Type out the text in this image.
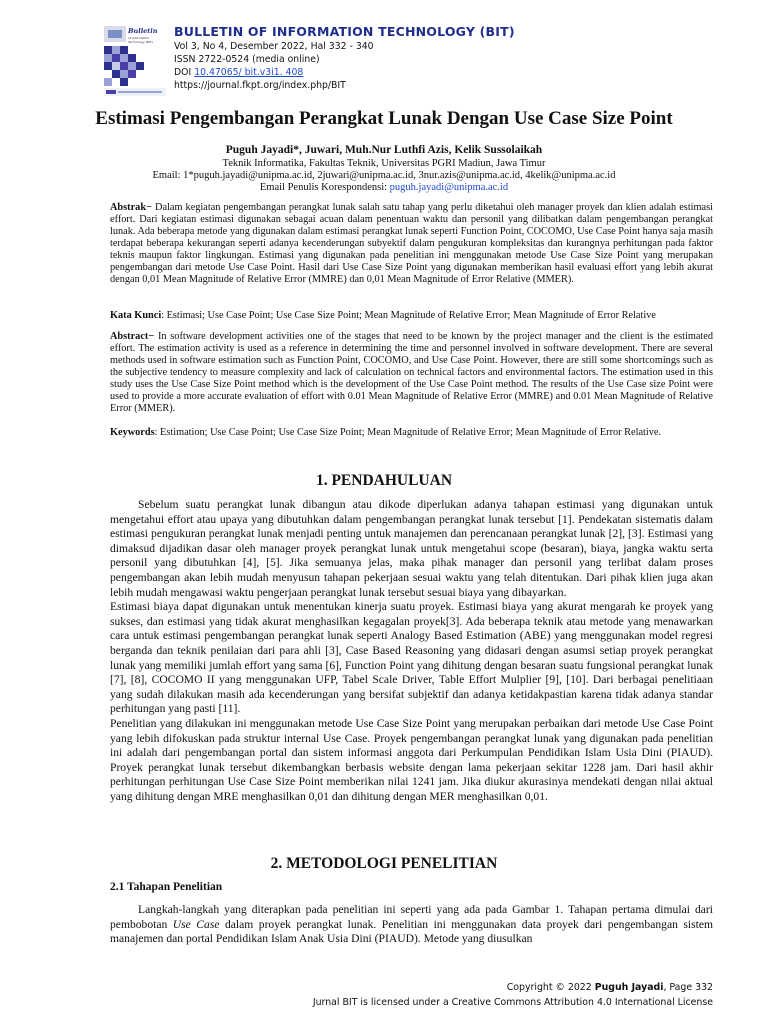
Bulletin
of Information
Technology (BIT)
BULLETIN OF INFORMATION TECHNOLOGY (BIT)
Vol 3, No 4, Desember 2022, Hal 332 - 340
ISSN 2722-0524 (media online)
DOI 10.47065/ bit.v3i1. 408
https://journal.fkpt.org/index.php/BIT
Estimasi Pengembangan Perangkat Lunak Dengan Use Case Size Point
Puguh Jayadi*, Juwari, Muh.Nur Luthfi Azis, Kelik Sussolaikah
Teknik Informatika, Fakultas Teknik, Universitas PGRI Madiun, Jawa Timur
Email: 1*puguh.jayadi@unipma.ac.id, 2juwari@unipma.ac.id, 3nur.azis@unipma.ac.id, 4kelik@unipma.ac.id
Email Penulis Korespondensi: puguh.jayadi@unipma.ac.id
Abstrak− Dalam kegiatan pengembangan perangkat lunak salah satu tahap yang perlu diketahui oleh manager proyek dan klien adalah estimasi effort. Dari kegiatan estimasi digunakan sebagai acuan dalam penentuan waktu dan personil yang dilibatkan dalam pengembangan perangkat lunak. Ada beberapa metode yang digunakan dalam estimasi perangkat lunak seperti Function Point, COCOMO, Use Case Point hanya saja masih terdapat beberapa kekurangan seperti adanya kecenderungan subyektif dalam pengukuran kompleksitas dan kurangnya perhitungan pada faktor teknis maupun faktor lingkungan. Estimasi yang digunakan pada penelitian ini menggunakan metode Use Case Size Point yang merupakan pengembangan dari metode Use Case Point. Hasil dari Use Case Size Point yang digunakan memberikan hasil evaluasi effort yang lebih akurat dengan 0,01 Mean Magnitude of Relative Error (MMRE) dan 0,01 Mean Magnitude of Error Relative (MMER).
Kata Kunci: Estimasi; Use Case Point; Use Case Size Point; Mean Magnitude of Relative Error; Mean Magnitude of Error Relative
Abstract− In software development activities one of the stages that need to be known by the project manager and the client is the estimated effort. The estimation activity is used as a reference in determining the time and personnel involved in software development. There are several methods used in software estimation such as Function Point, COCOMO, and Use Case Point. However, there are still some shortcomings such as the subjective tendency to measure complexity and lack of calculation on technical factors and environmental factors. The estimation used in this study uses the Use Case Size Point method which is the development of the Use Case Point method. The results of the Use Case size Point were used to provide a more accurate evaluation of effort with 0.01 Mean Magnitude of Relative Error (MMRE) and 0.01 Mean Magnitude of Relative Error (MMER).
Keywords: Estimation; Use Case Point; Use Case Size Point; Mean Magnitude of Relative Error; Mean Magnitude of Error Relative.
1. PENDAHULUAN

Sebelum suatu perangkat lunak dibangun atau dikode diperlukan adanya tahapan estimasi yang digunakan untuk mengetahui effort atau upaya yang dibutuhkan dalam pengembangan perangkat lunak tersebut [1]. Pendekatan sistematis dalam estimasi pengukuran perangkat lunak menjadi penting untuk manajemen dan perencanaan perangkat lunak [2], [3]. Estimasi yang dimaksud dijadikan dasar oleh manager proyek perangkat lunak untuk mengetahui scope (besaran), biaya, jangka waktu serta personil yang dibutuhkan [4], [5]. Jika semuanya jelas, maka pihak manager dan personil yang terlibat dalam proses pengembangan akan lebih mudah menyusun tahapan pekerjaan sesuai waktu yang telah ditentukan. Dari pihak klien juga akan lebih mudah mengawasi waktu pengerjaan perangkat lunak tersebut sesuai biaya yang dibayarkan.

Estimasi biaya dapat digunakan untuk menentukan kinerja suatu proyek. Estimasi biaya yang akurat mengarah ke proyek yang sukses, dan estimasi yang tidak akurat menghasilkan kegagalan proyek[3]. Ada beberapa teknik atau metode yang menawarkan cara untuk estimasi pengembangan perangkat lunak seperti Analogy Based Estimation (ABE) yang menggunakan model regresi berganda dan teknik penilaian dari para ahli [3], Case Based Reasoning yang didasari dengan asumsi setiap proyek perangkat lunak yang memiliki jumlah effort yang sama [6], Function Point yang dihitung dengan besaran suatu fungsional perangkat lunak [7], [8], COCOMO II yang menggunakan UFP, Tabel Scale Driver, Table Effort Mulplier [9], [10]. Dari berbagai penelitiaan yang sudah dilakukan masih ada kecenderungan yang bersifat subjektif dan adanya ketidakpastian karena tidak adanya standar perhitungan yang pasti [11].

Penelitian yang dilakukan ini menggunakan metode Use Case Size Point yang merupakan perbaikan dari metode Use Case Point yang lebih difokuskan pada struktur internal Use Case. Proyek pengembangan perangkat lunak yang digunakan pada penelitian ini adalah dari pengembangan portal dan sistem informasi anggota dari Perkumpulan Pendidikan Islam Usia Dini (PIAUD). Proyek perangkat lunak tersebut dikembangkan berbasis website dengan lama pekerjaan sekitar 1228 jam. Dari hasil akhir perhitungan perhitungan Use Case Size Point memberikan nilai 1241 jam. Jika diukur akurasinya mendekati dengan nilai aktual yang dihitung dengan MRE menghasilkan 0,01 dan dihitung dengan MER menghasilkan 0,01.

2. METODOLOGI PENELITIAN
2.1 Tahapan Penelitian

Langkah-langkah yang diterapkan pada penelitian ini seperti yang ada pada Gambar 1. Tahapan pertama dimulai dari pembobotan Use Case dalam proyek perangkat lunak. Penelitian ini menggunakan data proyek dari pengembangan sistem manajemen dan portal Pendidikan Islam Anak Usia Dini (PIAUD). Metode yang diusulkan

Copyright © 2022 Puguh Jayadi, Page 332
Jurnal BIT is licensed under a Creative Commons Attribution 4.0 International License
